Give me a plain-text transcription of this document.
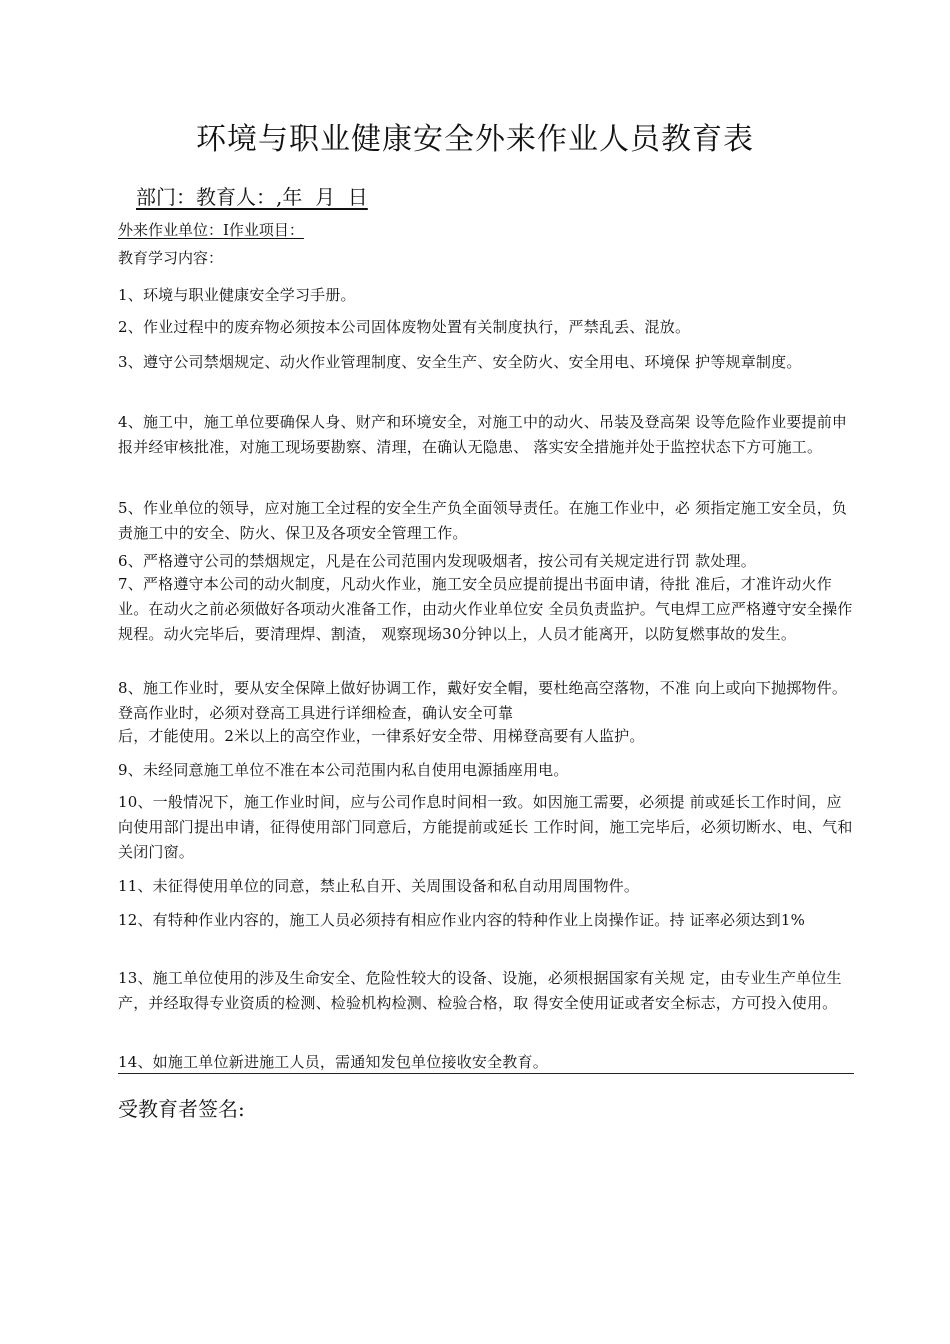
环境与职业健康安全外来作业人员教育表
部门：教育人：,年  月  日
外来作业单位：I作业项目：
教育学习内容：
1、环境与职业健康安全学习手册。
2、作业过程中的废弃物必须按本公司固体废物处置有关制度执行，严禁乱丢、混放。
3、遵守公司禁烟规定、动火作业管理制度、安全生产、安全防火、安全用电、环境保 护等规章制度。
4、施工中，施工单位要确保人身、财产和环境安全，对施工中的动火、吊装及登高架 设等危险作业要提前申报并经审核批准，对施工现场要勘察、清理，在确认无隐患、 落实安全措施并处于监控状态下方可施工。
5、作业单位的领导，应对施工全过程的安全生产负全面领导责任。在施工作业中，必 须指定施工安全员，负责施工中的安全、防火、保卫及各项安全管理工作。
6、严格遵守公司的禁烟规定，凡是在公司范围内发现吸烟者，按公司有关规定进行罚 款处理。
7、严格遵守本公司的动火制度，凡动火作业，施工安全员应提前提出书面申请，待批 准后，才准许动火作业。在动火之前必须做好各项动火准备工作，由动火作业单位安 全员负责监护。气电焊工应严格遵守安全操作规程。动火完毕后，要清理焊、割渣， 观察现场30分钟以上，人员才能离开，以防复燃事故的发生。
8、施工作业时，要从安全保障上做好协调工作，戴好安全帽，要杜绝高空落物，不准 向上或向下抛掷物件。登高作业时，必须对登高工具进行详细检查，确认安全可靠
后，才能使用。2米以上的高空作业，一律系好安全带、用梯登高要有人监护。
9、未经同意施工单位不准在本公司范围内私自使用电源插座用电。
10、一般情况下，施工作业时间，应与公司作息时间相一致。如因施工需要，必须提 前或延长工作时间，应向使用部门提出申请，征得使用部门同意后，方能提前或延长 工作时间，施工完毕后，必须切断水、电、气和关闭门窗。
11、未征得使用单位的同意，禁止私自开、关周围设备和私自动用周围物件。
12、有特种作业内容的，施工人员必须持有相应作业内容的特种作业上岗操作证。持 证率必须达到1%
13、施工单位使用的涉及生命安全、危险性较大的设备、设施，必须根据国家有关规 定，由专业生产单位生产，并经取得专业资质的检测、检验机构检测、检验合格，取 得安全使用证或者安全标志，方可投入使用。
14、如施工单位新进施工人员，需通知发包单位接收安全教育。
受教育者签名:
